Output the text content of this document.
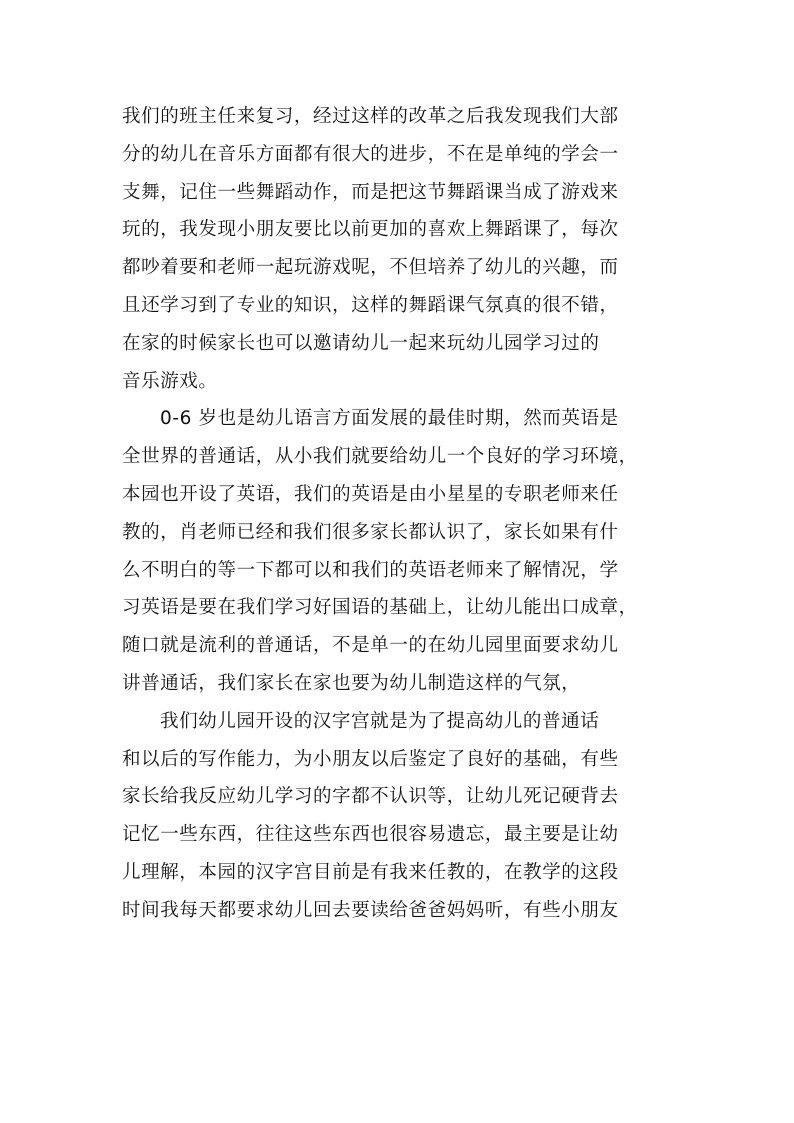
我们的班主任来复习，经过这样的改革之后我发现我们大部
分的幼儿在音乐方面都有很大的进步，不在是单纯的学会一
支舞，记住一些舞蹈动作，而是把这节舞蹈课当成了游戏来
玩的，我发现小朋友要比以前更加的喜欢上舞蹈课了，每次
都吵着要和老师一起玩游戏呢，不但培养了幼儿的兴趣，而
且还学习到了专业的知识，这样的舞蹈课气氛真的很不错，
在家的时候家长也可以邀请幼儿一起来玩幼儿园学习过的
音乐游戏。
0-6 岁也是幼儿语言方面发展的最佳时期，然而英语是
全世界的普通话，从小我们就要给幼儿一个良好的学习环境，
本园也开设了英语，我们的英语是由小星星的专职老师来任
教的，肖老师已经和我们很多家长都认识了，家长如果有什
么不明白的等一下都可以和我们的英语老师来了解情况，学
习英语是要在我们学习好国语的基础上，让幼儿能出口成章，
随口就是流利的普通话，不是单一的在幼儿园里面要求幼儿
讲普通话，我们家长在家也要为幼儿制造这样的气氛，
我们幼儿园开设的汉字宫就是为了提高幼儿的普通话
和以后的写作能力，为小朋友以后鉴定了良好的基础，有些
家长给我反应幼儿学习的字都不认识等，让幼儿死记硬背去
记忆一些东西，往往这些东西也很容易遗忘，最主要是让幼
儿理解，本园的汉字宫目前是有我来任教的，在教学的这段
时间我每天都要求幼儿回去要读给爸爸妈妈听，有些小朋友
